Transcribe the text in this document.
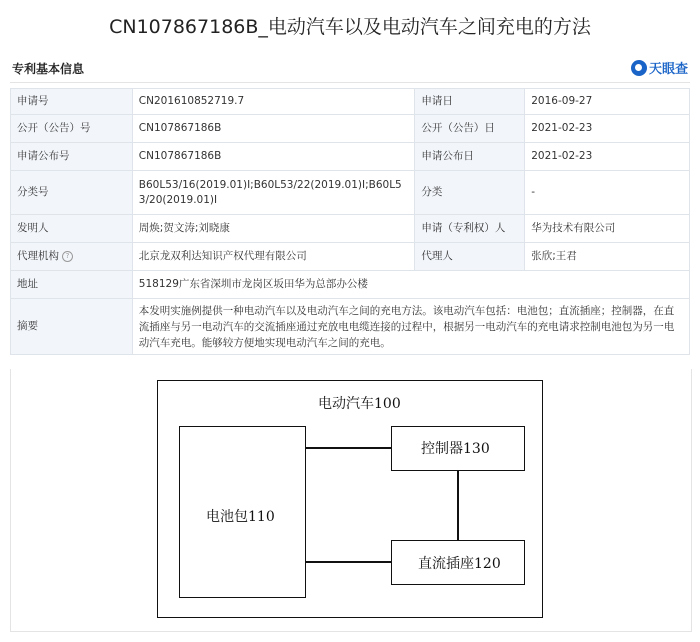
CN107867186B_电动汽车以及电动汽车之间充电的方法
专利基本信息	天眼查
申请号	CN201610852719.7	申请日	2016-09-27
公开（公告）号	CN107867186B	公开（公告）日	2021-02-23
申请公布号	CN107867186B	申请公布日	2021-02-23
分类号	B60L53/16(2019.01)I;B60L53/22(2019.01)I;B60L53/20(2019.01)I	分类	-
发明人	周焕;贺文涛;刘晓康	申请（专利权）人	华为技术有限公司
代理机构 ?	北京龙双利达知识产权代理有限公司	代理人	张欣;王君
地址	518129广东省深圳市龙岗区坂田华为总部办公楼		
摘要	本发明实施例提供一种电动汽车以及电动汽车之间的充电方法。该电动汽车包括：电池包；直流插座；控制器，在直流插座与另一电动汽车的交流插座通过充放电电缆连接的过程中，根据另一电动汽车的充电请求控制电池包为另一电动汽车充电。能够较方便地实现电动汽车之间的充电。		
电动汽车100
电池包110
控制器130
直流插座120
